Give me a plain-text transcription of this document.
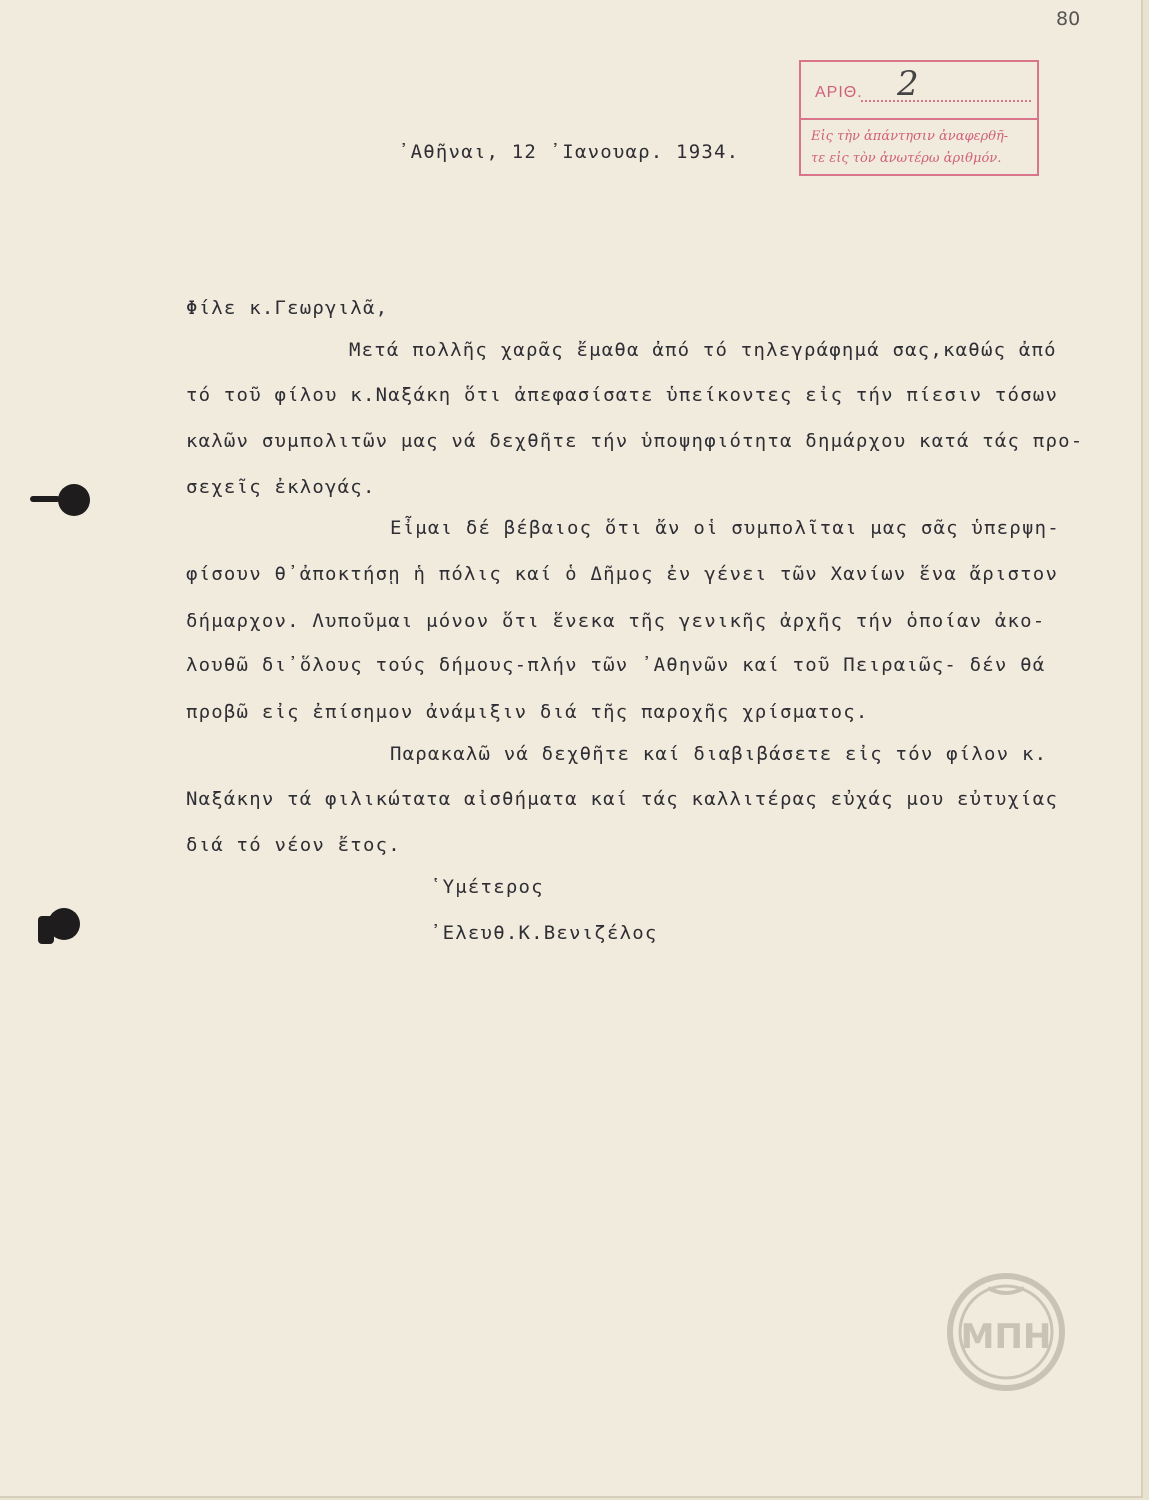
80
ΑΡΙΘ. 2
Εἰς τὴν ἀπάντησιν ἀναφερθῆ-
τε εἰς τὸν ἀνωτέρω ἀριθμόν.
᾿Αθῆναι, 12 ᾿Ιανουαρ. 1934.
Φίλε κ.Γεωργιλᾶ,
Μετά πολλῆς χαρᾶς ἔμαθα ἀπό τό τηλεγράφημά σας,καθώς ἀπό
τό τοῦ φίλου κ.Ναξάκη ὅτι ἀπεφασίσατε ὑπείκοντες εἰς τήν πίεσιν τόσων
καλῶν συμπολιτῶν μας νά δεχθῆτε τήν ὑποψηφιότητα δημάρχου κατά τάς προ-
σεχεῖς ἐκλογάς.
Εἶμαι δέ βέβαιος ὅτι ἄν οἱ συμπολῖται μας σᾶς ὑπερψη-
φίσουν θ᾿ἀποκτήσῃ ἡ πόλις καί ὁ Δῆμος ἐν γένει τῶν Χανίων ἕνα ἄριστον
δήμαρχον. Λυποῦμαι μόνον ὅτι ἕνεκα τῆς γενικῆς ἀρχῆς τήν ὁποίαν ἀκο-
λουθῶ δι᾿ὅλους τούς δήμους-πλήν τῶν ᾿Αθηνῶν καί τοῦ Πειραιῶς- δέν θά
προβῶ εἰς ἐπίσημον ἀνάμιξιν διά τῆς παροχῆς χρίσματος.
Παρακαλῶ νά δεχθῆτε καί διαβιβάσετε εἰς τόν φίλον κ.
Ναξάκην τά φιλικώτατα αἰσθήματα καί τάς καλλιτέρας εὐχάς μου εὐτυχίας
διά τό νέον ἔτος.
῾Υμέτερος
᾿Ελευθ.Κ.Βενιζέλος
ΜΠΗ
